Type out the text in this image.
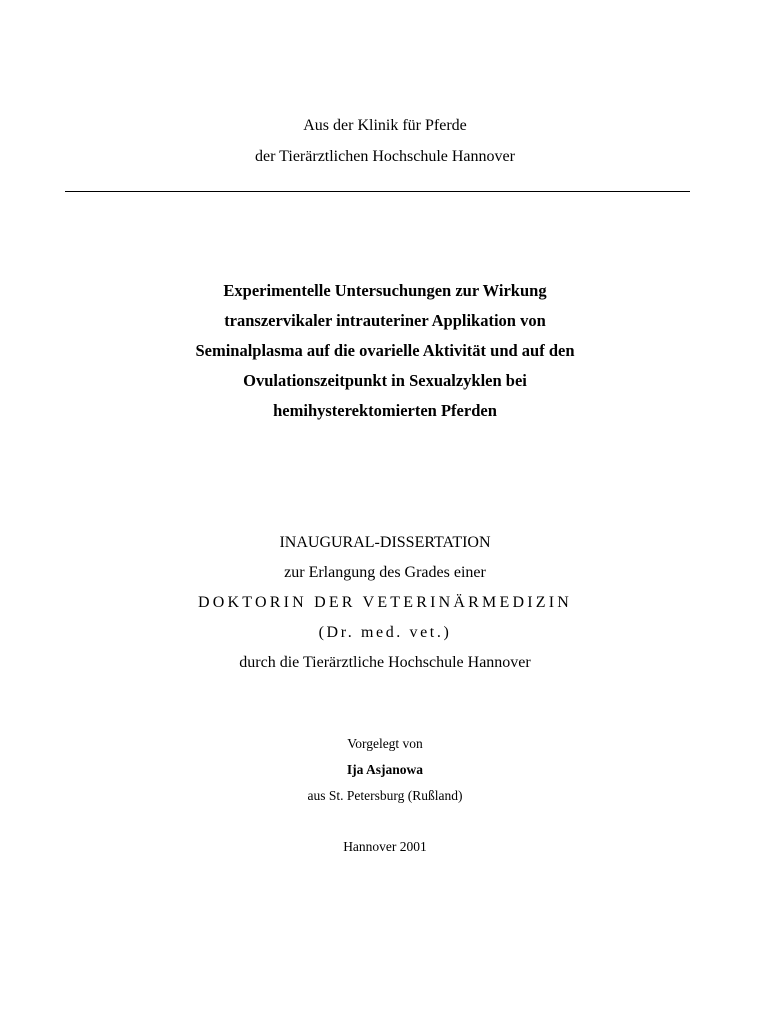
Aus der Klinik für Pferde
der Tierärztlichen Hochschule Hannover
Experimentelle Untersuchungen zur Wirkung
transzervikaler intrauteriner Applikation von
Seminalplasma auf die ovarielle Aktivität und auf den
Ovulationszeitpunkt in Sexualzyklen bei
hemihysterektomierten Pferden
INAUGURAL-DISSERTATION
zur Erlangung des Grades einer
DOKTORIN DER VETERINÄRMEDIZIN
(Dr. med. vet.)
durch die Tierärztliche Hochschule Hannover
Vorgelegt von
Ija Asjanowa
aus St. Petersburg (Rußland)
Hannover 2001
